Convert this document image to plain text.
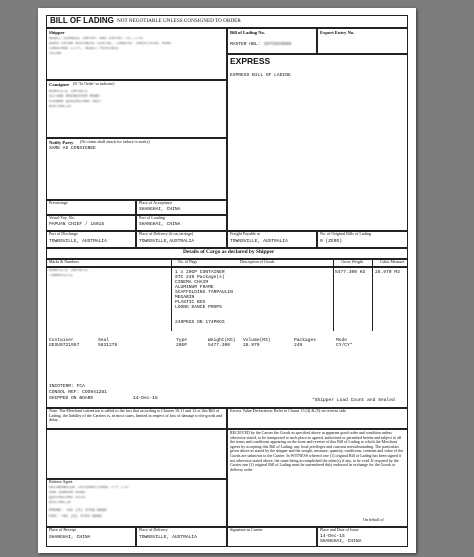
BILL OF LADING NOT NEGOTIABLE UNLESS CONSIGNED TO ORDER
Shipper
HEBEI GUANGZE IMPORT AND EXPORT CO.,LTD
ASKA CHINA BUSINESS CENTRE, LANGFAT INDUSTRIAL ROAD
LANGFANG CITY, HEBEI PROVINCE
CHINA
Bill of Lading No.
MASTER HBL: SHTS020000
Export Entry No.
EXPRESS
EXPRESS BILL OF LADING
Consignee (If 'To Order' so indicate)
KOMPLETE IMPORTS
11/469 ROCHESTER ROAD
KIRWAN QUEENSLAND 4817
AUSTRALIA
Notify Party (No claim shall attach for failure to notify)
SAME AS CONSIGNEE
Precarriage	Place of Acceptance
SHANGHAI, CHINA
Vessel Voy. No.
PAPUAN CHIEF / 16015
Port of Loading
SHANGHAI, CHINA
Port of Discharge
TOWNSVILLE, AUSTRALIA
Place of Delivery (if on carriage)
TOWNSVILLE,AUSTRALIA
Freight Payable at
TOWNSVILLE, AUSTRALIA
No. of Original Bills of Lading
0 (ZERO)
Details of Cargo as declared by Shipper
Marks & Numbers	No. of Pkgs	Description of Goods	Gross Weight	Cubic Measure
KOMPLETE IMPORTS
TOWNSVILLE
1 x 20GP CONTAINER
STC 249 Package(s)
CINEMA CHAIR
ALUMINUM FRAME
SCAFFOLDING TARPAULIN
MEGABIN
PLASTIC BOX
LOONG DANCE PROPS
249PKGS ON 174PKGS
5477.300 KG 28.970 M3
Container	Seal	Type	Weight(KG) Volume(M3)	Packages	Mode
GESU9721957	5831279	20GP	5477.300	28.970	249	CY/CY*
INCOTERM: FCA
CONSOL REF: COO941281
SHIPPED ON BOARD	14-Dec-15	*Shipper Load Count and Sealed
Note: The Merchant's attention is called to the fact that according to Clauses 10,11 and 12 of this Bill of Lading, the liability of the Carriers is, in most cases, limited in respect of loss of damage to the goods and delay.
Excess Value Declaration: Refer to Clause 13 (4) & (5) on reverse side
RECEIVED by the Carrier the Goods as specified above in apparent good order and condition unless otherwise stated, to be transported to such place as agreed, authorised or permitted herein and subject to all the terms and conditions appearing on the front and reverse of this Bill of Lading to which the Merchant agrees by accepting this Bill of Lading, any local privileges and customs notwithstanding. The particulars given above as stated by the shipper and the weight, measure, quantity, conditions, contents and value of the Goods are unknown to the Carrier. In WITNESS whereof one (1) original Bill of Lading has been signed if not otherwise stated above, the same being accomplished the other(s) if any, to be void. If required by the Carrier one (1) original Bill of Lading must be surrendered duly endorsed in exchange for the Goods or delivery order.
On behalf of
Release Agent
RAINBOWRIDE INTERNATIONAL PTY LTD
40A SHARON ROAD
QUEENSLAND 4110
AUSTRALIA
PHONE: +61 (0) 4758-8880
FAX: +61 (0) 4755-8880
Place of Receipt
SHANGHAI, CHINA
Place of Delivery
TOWNSVILLE, AUSTRALIA
Signature as Carrier	Place and Date of Issue
14-Dec-15
SHANGHAI, CHINA
